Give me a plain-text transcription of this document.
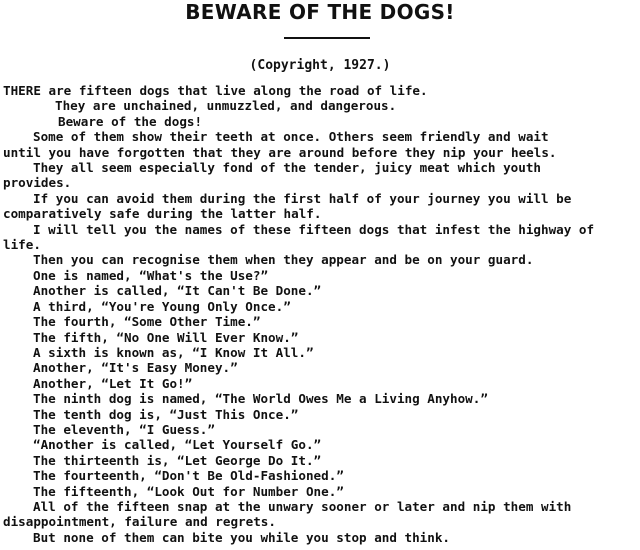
BEWARE OF THE DOGS!
(Copyright, 1927.)

THERE are fifteen dogs that live along the road of life.

They are unchained, unmuzzled, and dangerous.

Beware of the dogs!

Some of them show their teeth at once. Others seem friendly and wait

until you have forgotten that they are around before they nip your heels.

They all seem especially fond of the tender, juicy meat which youth

provides.

If you can avoid them during the first half of your journey you will be

comparatively safe during the latter half.

I will tell you the names of these fifteen dogs that infest the highway of

life.

Then you can recognise them when they appear and be on your guard.

One is named, “What's the Use?”

Another is called, “It Can't Be Done.”

A third, “You're Young Only Once.”

The fourth, “Some Other Time.”

The fifth, “No One Will Ever Know.”

A sixth is known as, “I Know It All.”

Another, “It's Easy Money.”

Another, “Let It Go!”

The ninth dog is named, “The World Owes Me a Living Anyhow.”

The tenth dog is, “Just This Once.”

The eleventh, “I Guess.”

“Another is called, “Let Yourself Go.”

The thirteenth is, “Let George Do It.”

The fourteenth, “Don't Be Old-Fashioned.”

The fifteenth, “Look Out for Number One.”

All of the fifteen snap at the unwary sooner or later and nip them with

disappointment, failure and regrets.

But none of them can bite you while you stop and think.
